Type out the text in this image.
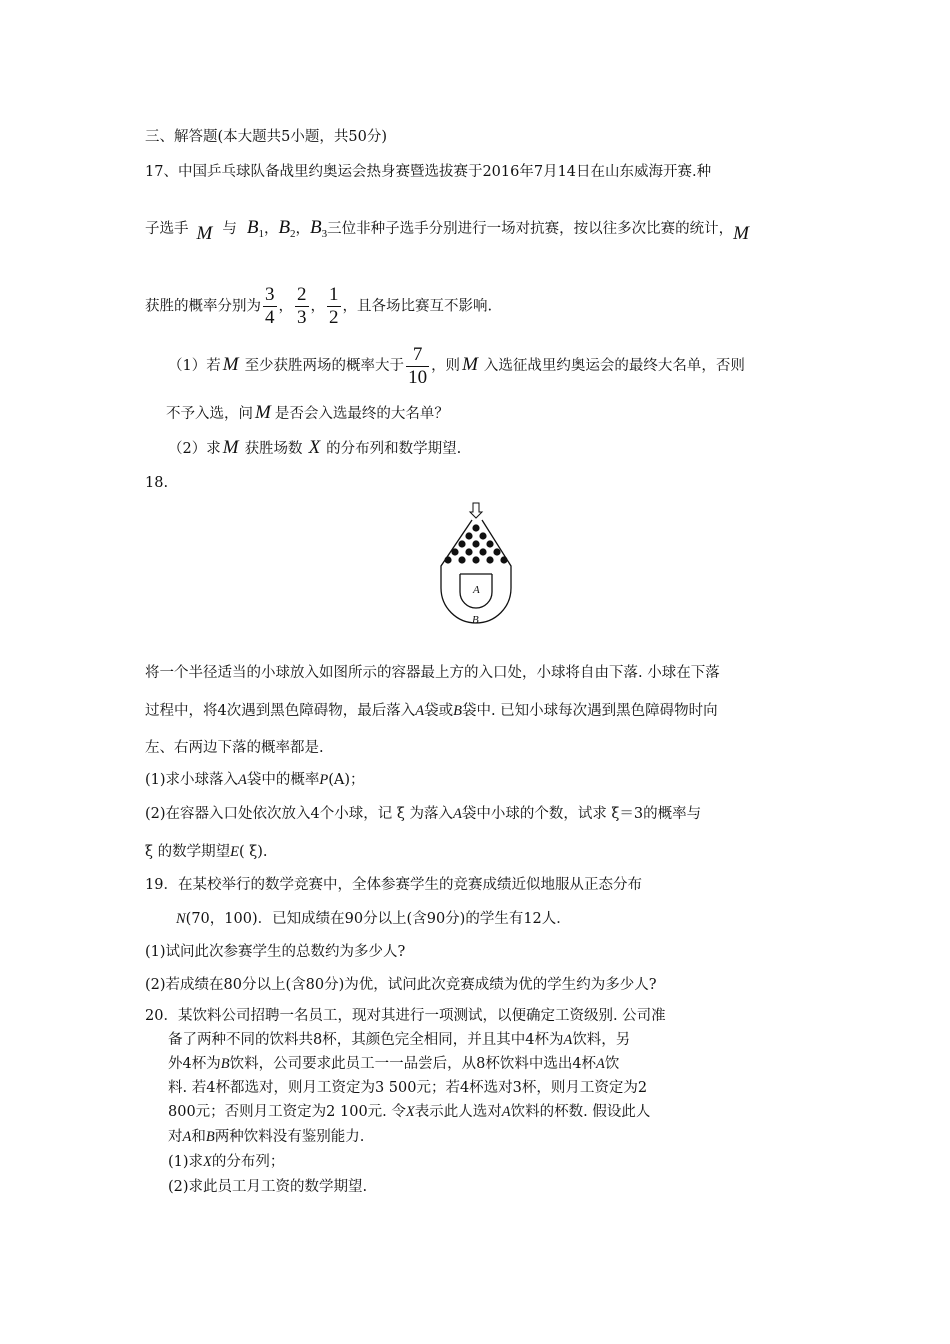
三、解答题(本大题共5小题，共50分)
17、中国乒乓球队备战里约奥运会热身赛暨选拔赛于2016年7月14日在山东威海开赛.种
子选手 M 与 $B_1$，$B_2$，$B_3$三位非种子选手分别进行一场对抗赛，按以往多次比赛的统计，M
获胜的概率分别为 $\frac{3}{4}$ ， $\frac{2}{3}$ ， $\frac{1}{2}$ ，且各场比赛互不影响.
（1）若 M 至少获胜两场的概率大于 $\frac{7}{10}$ ，则 M 入选征战里约奥运会的最终大名单，否则
不予入选，问 M 是否会入选最终的大名单？
（2）求 M 获胜场数 X 的分布列和数学期望.
18.
A
B
将一个半径适当的小球放入如图所示的容器最上方的入口处，小球将自由下落. 小球在下落
过程中，将4次遇到黑色障碍物，最后落入A袋或B袋中. 已知小球每次遇到黑色障碍物时向
左、右两边下落的概率都是.
(1)求小球落入A袋中的概率P(A)；
(2)在容器入口处依次放入4个小球，记 ξ 为落入A袋中小球的个数，试求 ξ＝3的概率与
ξ 的数学期望E( ξ).
19．在某校举行的数学竞赛中，全体参赛学生的竞赛成绩近似地服从正态分布
N(70，100)．已知成绩在90分以上(含90分)的学生有12人．
(1)试问此次参赛学生的总数约为多少人?
(2)若成绩在80分以上(含80分)为优，试问此次竞赛成绩为优的学生约为多少人?
20．某饮料公司招聘一名员工，现对其进行一项测试，以便确定工资级别. 公司准
备了两种不同的饮料共8杯，其颜色完全相同，并且其中4杯为A饮料，另
外4杯为B饮料，公司要求此员工一一品尝后，从8杯饮料中选出4杯A饮
料. 若4杯都选对，则月工资定为3 500元；若4杯选对3杯，则月工资定为2
800元；否则月工资定为2 100元. 令X表示此人选对A饮料的杯数. 假设此人
对A和B两种饮料没有鉴别能力.
(1)求X的分布列；
(2)求此员工月工资的数学期望.
